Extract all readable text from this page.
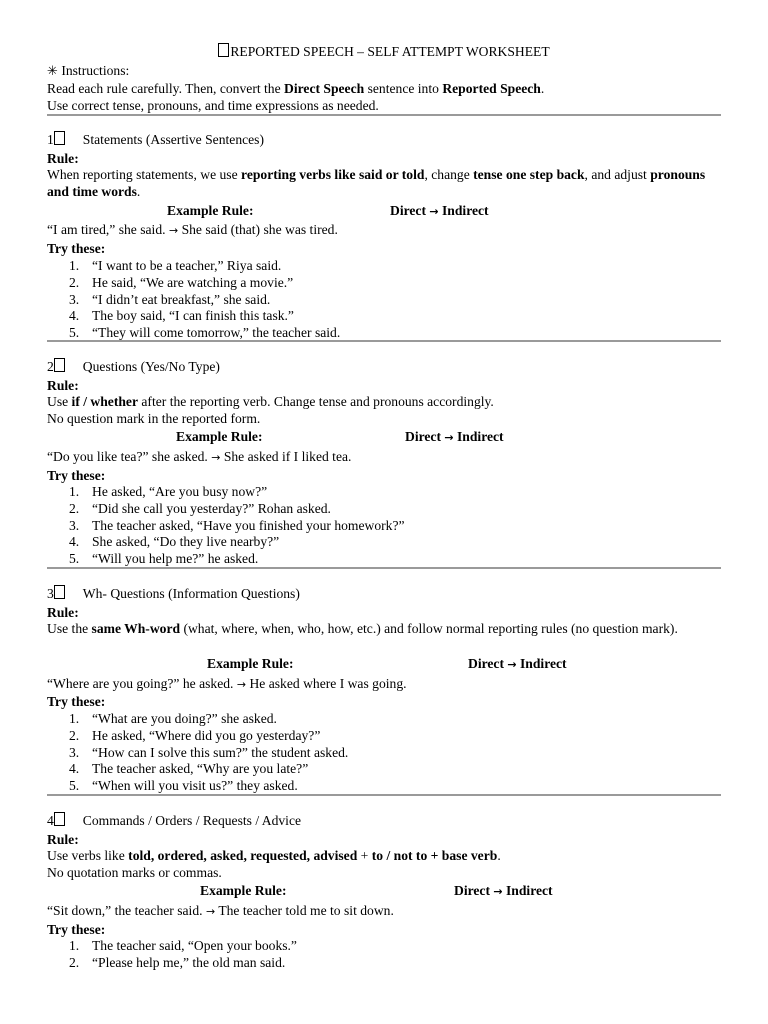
REPORTED SPEECH – SELF ATTEMPT WORKSHEET
✳ Instructions:
Read each rule carefully. Then, convert the Direct Speech sentence into Reported Speech.
Use correct tense, pronouns, and time expressions as needed.
1 Statements (Assertive Sentences)
Rule:
When reporting statements, we use reporting verbs like said or told, change tense one step back, and adjust pronouns and time words.
Example Rule:	Direct → Indirect
“I am tired,” she said. → She said (that) she was tired.
Try these:
1. “I want to be a teacher,” Riya said.
2. He said, “We are watching a movie.”
3. “I didn’t eat breakfast,” she said.
4. The boy said, “I can finish this task.”
5. “They will come tomorrow,” the teacher said.
2 Questions (Yes/No Type)
Rule:
Use if / whether after the reporting verb. Change tense and pronouns accordingly.
No question mark in the reported form.
Example Rule:	Direct → Indirect
“Do you like tea?” she asked. → She asked if I liked tea.
Try these:
1. He asked, “Are you busy now?”
2. “Did she call you yesterday?” Rohan asked.
3. The teacher asked, “Have you finished your homework?”
4. She asked, “Do they live nearby?”
5. “Will you help me?” he asked.
3 Wh- Questions (Information Questions)
Rule:
Use the same Wh-word (what, where, when, who, how, etc.) and follow normal reporting rules (no question mark).
Example Rule:	Direct → Indirect
“Where are you going?” he asked. → He asked where I was going.
Try these:
1. “What are you doing?” she asked.
2. He asked, “Where did you go yesterday?”
3. “How can I solve this sum?” the student asked.
4. The teacher asked, “Why are you late?”
5. “When will you visit us?” they asked.
4 Commands / Orders / Requests / Advice
Rule:
Use verbs like told, ordered, asked, requested, advised + to / not to + base verb.
No quotation marks or commas.
Example Rule:	Direct → Indirect
“Sit down,” the teacher said. → The teacher told me to sit down.
Try these:
1. The teacher said, “Open your books.”
2. “Please help me,” the old man said.
